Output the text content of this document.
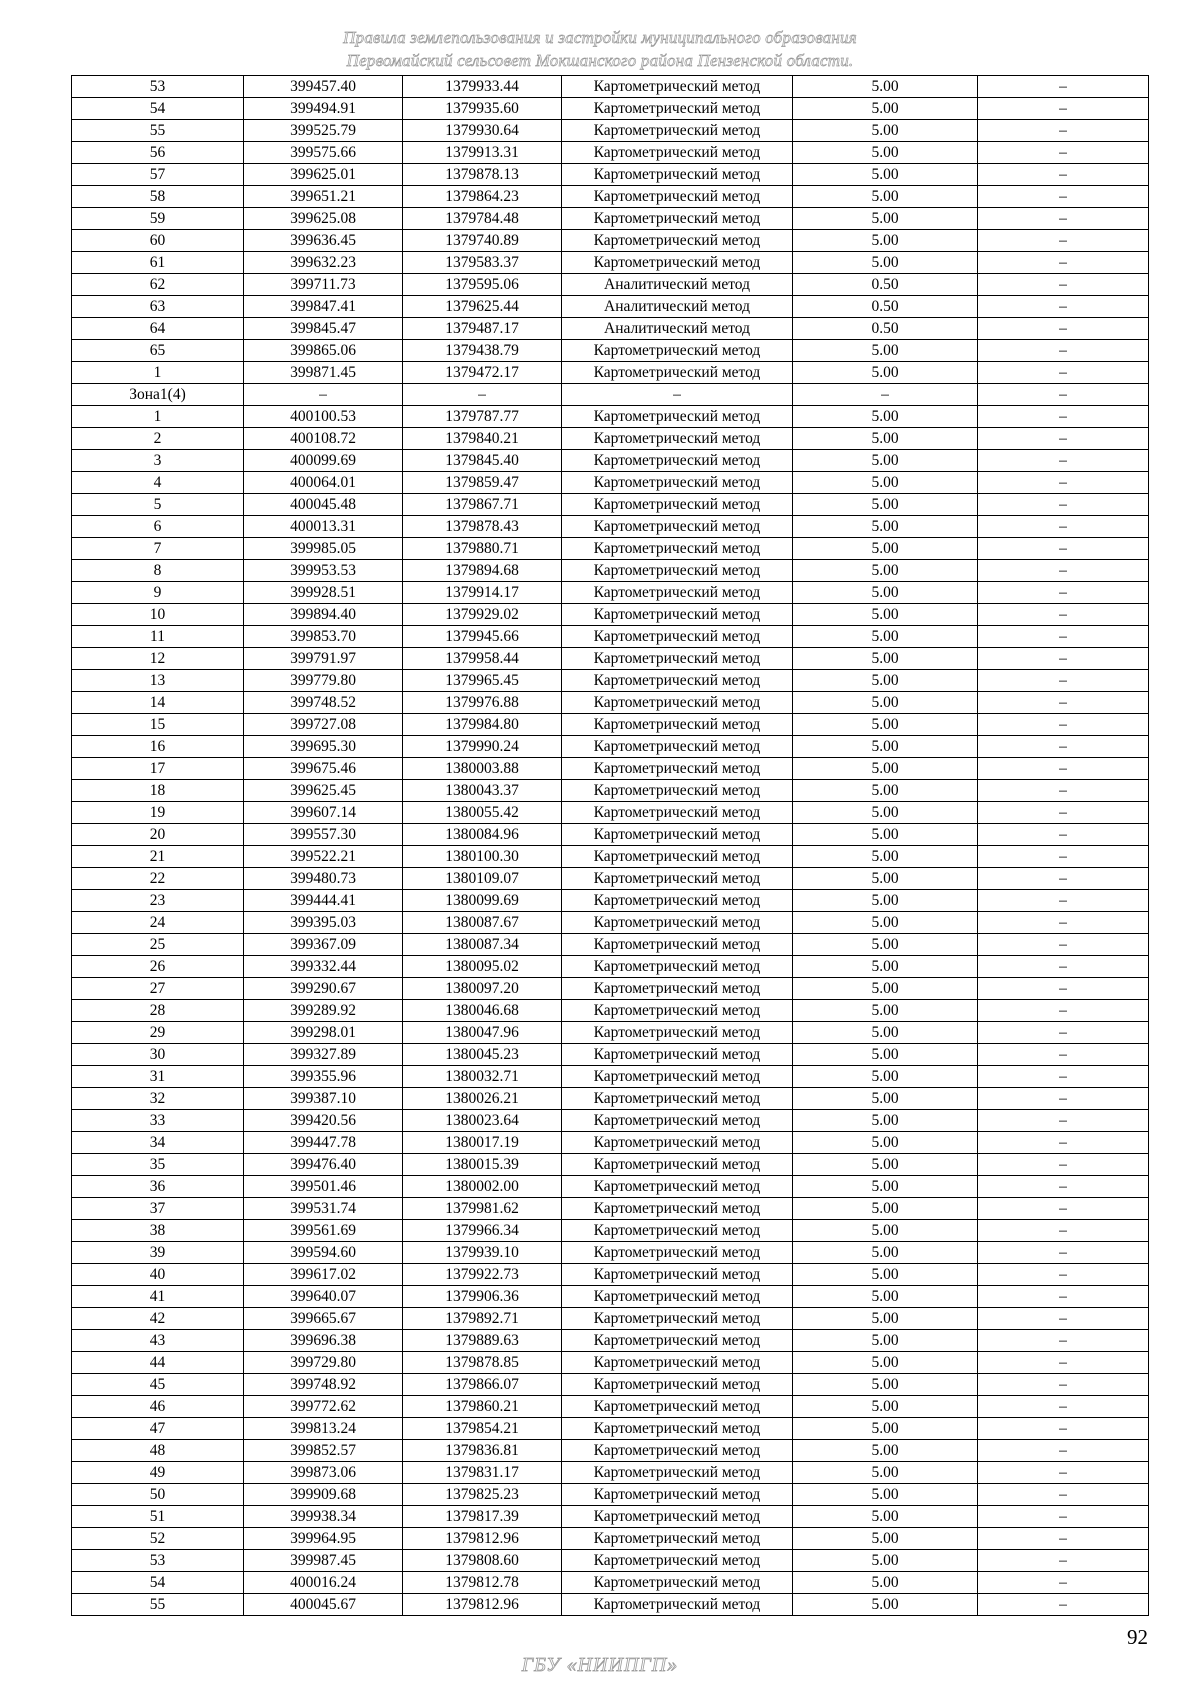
Правила землепользования и застройки муниципального образования
Первомайский сельсовет Мокшанского района Пензенской области.
53	399457.40	1379933.44	Картометрический метод	5.00	–
54	399494.91	1379935.60	Картометрический метод	5.00	–
55	399525.79	1379930.64	Картометрический метод	5.00	–
56	399575.66	1379913.31	Картометрический метод	5.00	–
57	399625.01	1379878.13	Картометрический метод	5.00	–
58	399651.21	1379864.23	Картометрический метод	5.00	–
59	399625.08	1379784.48	Картометрический метод	5.00	–
60	399636.45	1379740.89	Картометрический метод	5.00	–
61	399632.23	1379583.37	Картометрический метод	5.00	–
62	399711.73	1379595.06	Аналитический метод	0.50	–
63	399847.41	1379625.44	Аналитический метод	0.50	–
64	399845.47	1379487.17	Аналитический метод	0.50	–
65	399865.06	1379438.79	Картометрический метод	5.00	–
1	399871.45	1379472.17	Картометрический метод	5.00	–
Зона1(4)	–	–	–	–	–
1	400100.53	1379787.77	Картометрический метод	5.00	–
2	400108.72	1379840.21	Картометрический метод	5.00	–
3	400099.69	1379845.40	Картометрический метод	5.00	–
4	400064.01	1379859.47	Картометрический метод	5.00	–
5	400045.48	1379867.71	Картометрический метод	5.00	–
6	400013.31	1379878.43	Картометрический метод	5.00	–
7	399985.05	1379880.71	Картометрический метод	5.00	–
8	399953.53	1379894.68	Картометрический метод	5.00	–
9	399928.51	1379914.17	Картометрический метод	5.00	–
10	399894.40	1379929.02	Картометрический метод	5.00	–
11	399853.70	1379945.66	Картометрический метод	5.00	–
12	399791.97	1379958.44	Картометрический метод	5.00	–
13	399779.80	1379965.45	Картометрический метод	5.00	–
14	399748.52	1379976.88	Картометрический метод	5.00	–
15	399727.08	1379984.80	Картометрический метод	5.00	–
16	399695.30	1379990.24	Картометрический метод	5.00	–
17	399675.46	1380003.88	Картометрический метод	5.00	–
18	399625.45	1380043.37	Картометрический метод	5.00	–
19	399607.14	1380055.42	Картометрический метод	5.00	–
20	399557.30	1380084.96	Картометрический метод	5.00	–
21	399522.21	1380100.30	Картометрический метод	5.00	–
22	399480.73	1380109.07	Картометрический метод	5.00	–
23	399444.41	1380099.69	Картометрический метод	5.00	–
24	399395.03	1380087.67	Картометрический метод	5.00	–
25	399367.09	1380087.34	Картометрический метод	5.00	–
26	399332.44	1380095.02	Картометрический метод	5.00	–
27	399290.67	1380097.20	Картометрический метод	5.00	–
28	399289.92	1380046.68	Картометрический метод	5.00	–
29	399298.01	1380047.96	Картометрический метод	5.00	–
30	399327.89	1380045.23	Картометрический метод	5.00	–
31	399355.96	1380032.71	Картометрический метод	5.00	–
32	399387.10	1380026.21	Картометрический метод	5.00	–
33	399420.56	1380023.64	Картометрический метод	5.00	–
34	399447.78	1380017.19	Картометрический метод	5.00	–
35	399476.40	1380015.39	Картометрический метод	5.00	–
36	399501.46	1380002.00	Картометрический метод	5.00	–
37	399531.74	1379981.62	Картометрический метод	5.00	–
38	399561.69	1379966.34	Картометрический метод	5.00	–
39	399594.60	1379939.10	Картометрический метод	5.00	–
40	399617.02	1379922.73	Картометрический метод	5.00	–
41	399640.07	1379906.36	Картометрический метод	5.00	–
42	399665.67	1379892.71	Картометрический метод	5.00	–
43	399696.38	1379889.63	Картометрический метод	5.00	–
44	399729.80	1379878.85	Картометрический метод	5.00	–
45	399748.92	1379866.07	Картометрический метод	5.00	–
46	399772.62	1379860.21	Картометрический метод	5.00	–
47	399813.24	1379854.21	Картометрический метод	5.00	–
48	399852.57	1379836.81	Картометрический метод	5.00	–
49	399873.06	1379831.17	Картометрический метод	5.00	–
50	399909.68	1379825.23	Картометрический метод	5.00	–
51	399938.34	1379817.39	Картометрический метод	5.00	–
52	399964.95	1379812.96	Картометрический метод	5.00	–
53	399987.45	1379808.60	Картометрический метод	5.00	–
54	400016.24	1379812.78	Картометрический метод	5.00	–
55	400045.67	1379812.96	Картометрический метод	5.00	–
92
ГБУ «НИИПГП»
